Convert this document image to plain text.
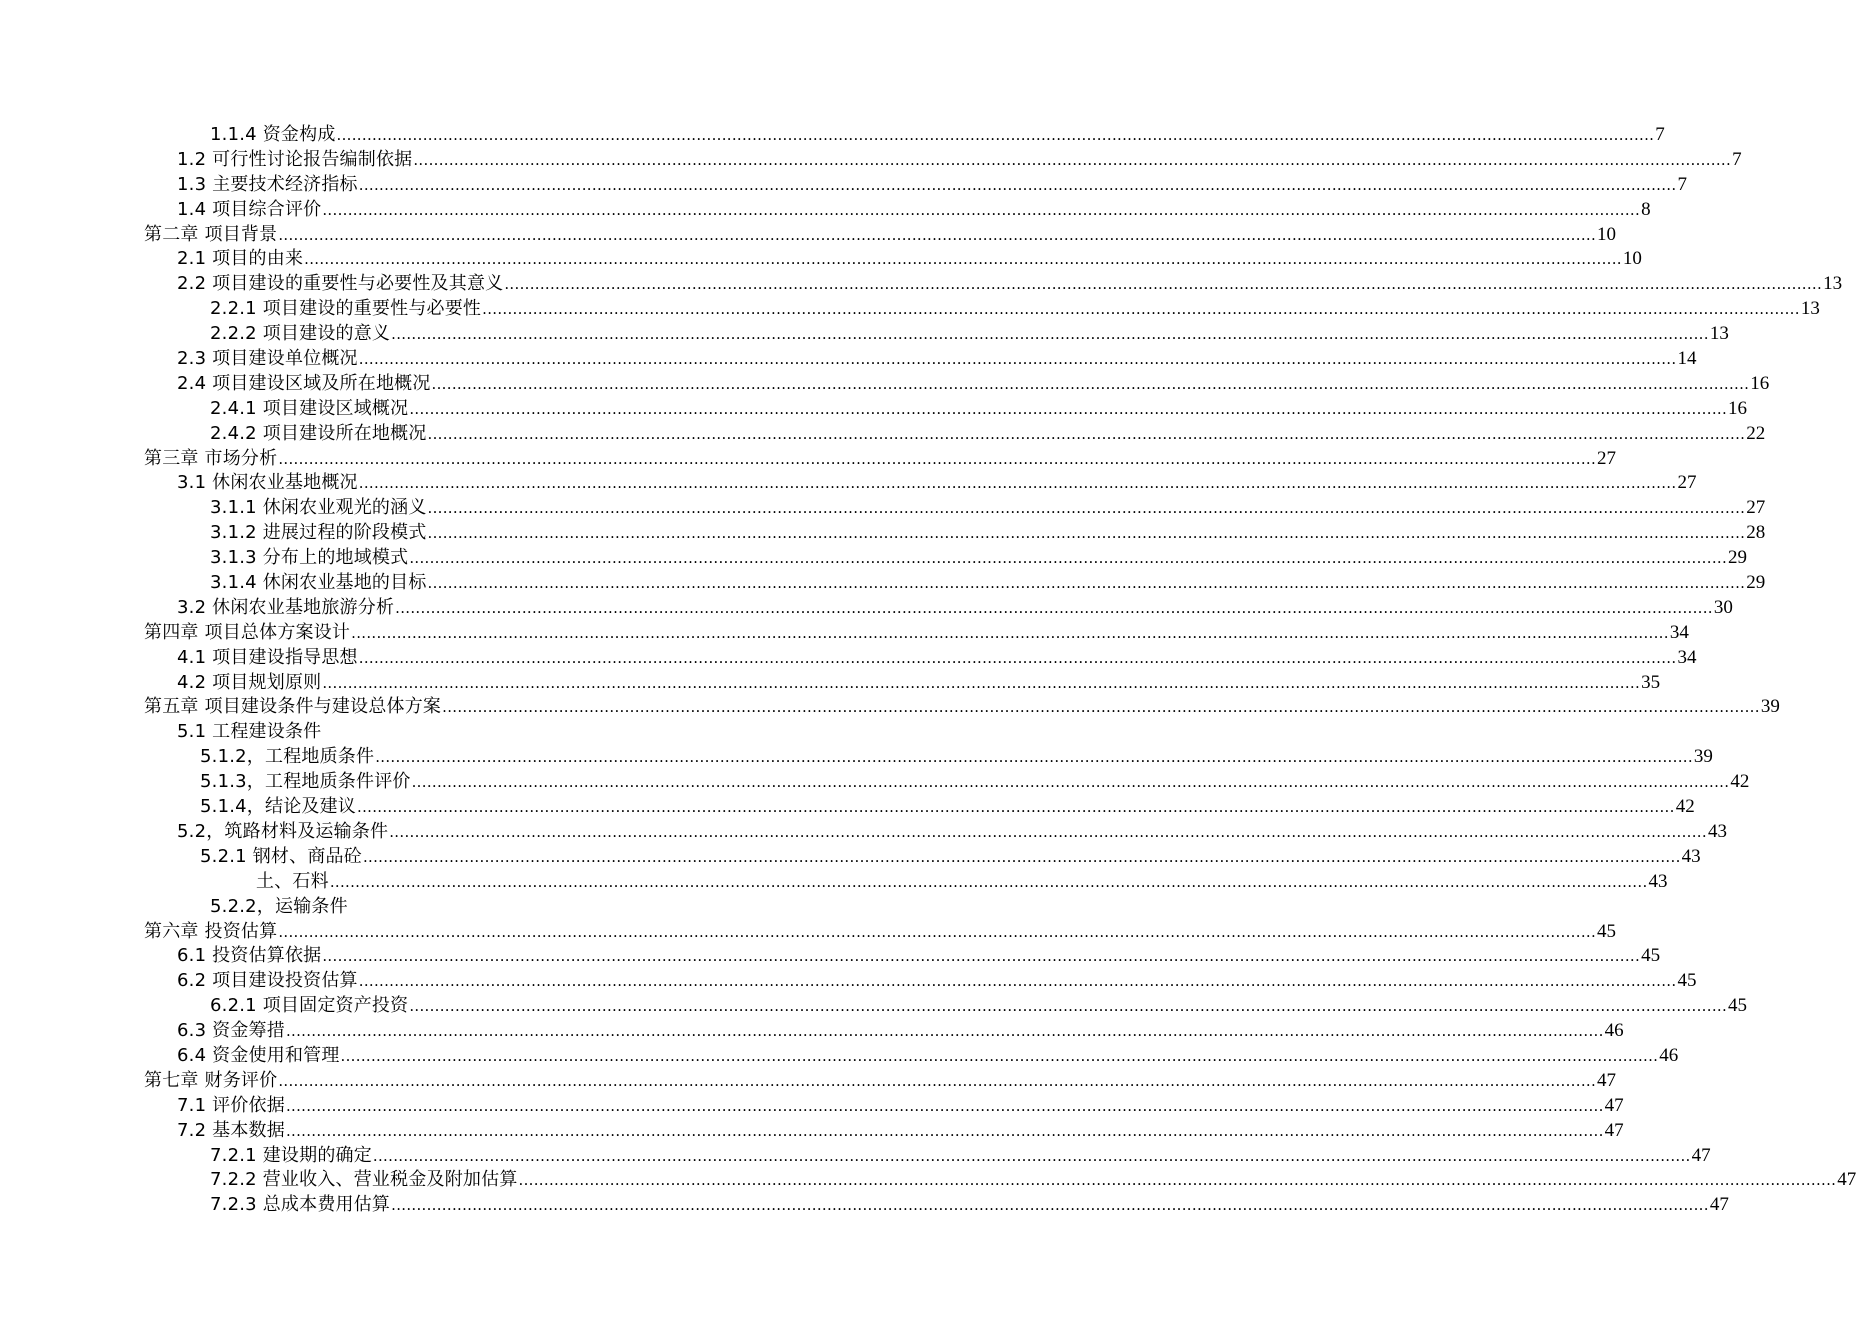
1.1.4 资金构成 .................................................................................................................................................................................................................................................................... 7
1.2 可行性讨论报告编制依据 .................................................................................................................................................................................................................................................................... 7
1.3 主要技术经济指标 .................................................................................................................................................................................................................................................................... 7
1.4 项目综合评价 .................................................................................................................................................................................................................................................................... 8
第二章 项目背景 .................................................................................................................................................................................................................................................................... 10
2.1 项目的由来 .................................................................................................................................................................................................................................................................... 10
2.2 项目建设的重要性与必要性及其意义 .................................................................................................................................................................................................................................................................... 13
2.2.1 项目建设的重要性与必要性 .................................................................................................................................................................................................................................................................... 13
2.2.2 项目建设的意义 .................................................................................................................................................................................................................................................................... 13
2.3 项目建设单位概况 .................................................................................................................................................................................................................................................................... 14
2.4 项目建设区域及所在地概况 .................................................................................................................................................................................................................................................................... 16
2.4.1 项目建设区域概况 .................................................................................................................................................................................................................................................................... 16
2.4.2 项目建设所在地概况 .................................................................................................................................................................................................................................................................... 22
第三章 市场分析 .................................................................................................................................................................................................................................................................... 27
3.1 休闲农业基地概况 .................................................................................................................................................................................................................................................................... 27
3.1.1 休闲农业观光的涵义 .................................................................................................................................................................................................................................................................... 27
3.1.2 进展过程的阶段模式 .................................................................................................................................................................................................................................................................... 28
3.1.3 分布上的地域模式 .................................................................................................................................................................................................................................................................... 29
3.1.4 休闲农业基地的目标 .................................................................................................................................................................................................................................................................... 29
3.2 休闲农业基地旅游分析 .................................................................................................................................................................................................................................................................... 30
第四章 项目总体方案设计 .................................................................................................................................................................................................................................................................... 34
4.1 项目建设指导思想 .................................................................................................................................................................................................................................................................... 34
4.2 项目规划原则 .................................................................................................................................................................................................................................................................... 35
第五章 项目建设条件与建设总体方案 .................................................................................................................................................................................................................................................................... 39
5.1 工程建设条件
5.1.2，工程地质条件 .................................................................................................................................................................................................................................................................... 39
5.1.3，工程地质条件评价 .................................................................................................................................................................................................................................................................... 42
5.1.4，结论及建议 .................................................................................................................................................................................................................................................................... 42
5.2，筑路材料及运输条件 .................................................................................................................................................................................................................................................................... 43
5.2.1 钢材、商品砼 .................................................................................................................................................................................................................................................................... 43
土、石料 .................................................................................................................................................................................................................................................................... 43
5.2.2，运输条件
第六章 投资估算 .................................................................................................................................................................................................................................................................... 45
6.1 投资估算依据 .................................................................................................................................................................................................................................................................... 45
6.2 项目建设投资估算 .................................................................................................................................................................................................................................................................... 45
6.2.1 项目固定资产投资 .................................................................................................................................................................................................................................................................... 45
6.3 资金筹措 .................................................................................................................................................................................................................................................................... 46
6.4 资金使用和管理 .................................................................................................................................................................................................................................................................... 46
第七章 财务评价 .................................................................................................................................................................................................................................................................... 47
7.1 评价依据 .................................................................................................................................................................................................................................................................... 47
7.2 基本数据 .................................................................................................................................................................................................................................................................... 47
7.2.1 建设期的确定 .................................................................................................................................................................................................................................................................... 47
7.2.2 营业收入、营业税金及附加估算 .................................................................................................................................................................................................................................................................... 47
7.2.3 总成本费用估算 .................................................................................................................................................................................................................................................................... 47
